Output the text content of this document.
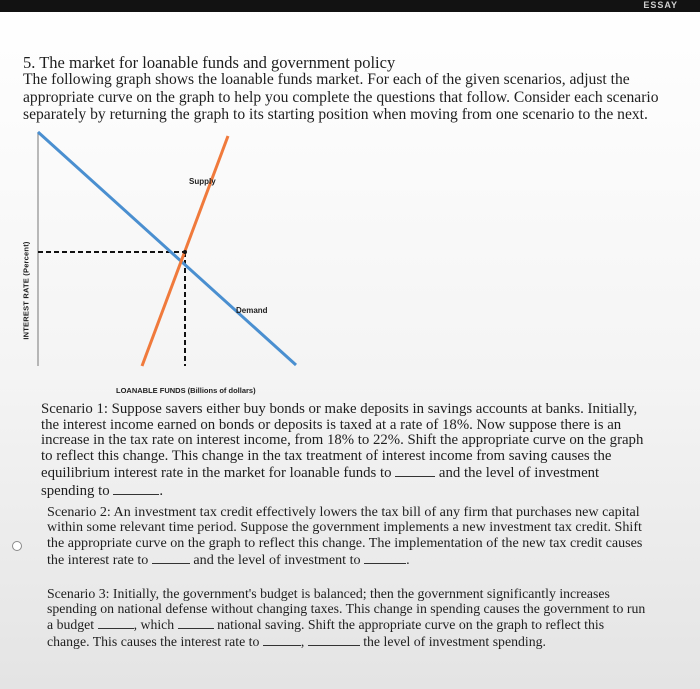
ESSAY
5. The market for loanable funds and government policy
The following graph shows the loanable funds market. For each of the given scenarios, adjust the appropriate curve on the graph to help you complete the questions that follow. Consider each scenario separately by returning the graph to its starting position when moving from one scenario to the next.
Supply
Demand
INTEREST RATE (Percent)
LOANABLE FUNDS (Billions of dollars)
Scenario 1: Suppose savers either buy bonds or make deposits in savings accounts at banks. Initially, the interest income earned on bonds or deposits is taxed at a rate of 18%. Now suppose there is an increase in the tax rate on interest income, from 18% to 22%. Shift the appropriate curve on the graph to reflect this change. This change in the tax treatment of interest income from saving causes the equilibrium interest rate in the market for loanable funds to	and the level of investment spending to	.
Scenario 2: An investment tax credit effectively lowers the tax bill of any firm that purchases new capital within some relevant time period. Suppose the government implements a new investment tax credit. Shift the appropriate curve on the graph to reflect this change. The implementation of the new tax credit causes the interest rate to	and the level of investment to	.
Scenario 3: Initially, the government's budget is balanced; then the government significantly increases spending on national defense without changing taxes. This change in spending causes the government to run a budget	, which	national saving. Shift the appropriate curve on the graph to reflect this change. This causes the interest rate to	,	the level of investment spending.
